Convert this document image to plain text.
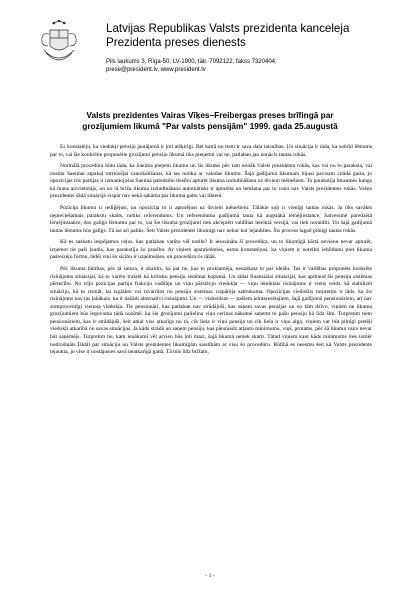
Latvijas Republikas Valsts prezidenta kanceleja
Prezidenta preses dienests
Pils laukums 3, Rīga-50, LV-1900, tālr. 7092122, fakss 7320404,
prese@president.lv, www.president.lv
Valsts prezidentes Vairas Vīķes–Freibergas preses brīfingā par
grozījumiem likumā "Par valsts pensijām" 1999. gada 25.augustā

Es konstatēju, ka viedokļi pensiju jautājumā ir ļoti atšķirīgi. Bet katrā no tiem ir sava daļa taisnības. Un situācija ir tāda, ka sobrīd lēmums par to, vai šie konkrētie proponētie grozījumi pensiju likumā tiks pieņemti vai ne, patlaban jau nonācis tautas rokās.

Normālā procedūra būtu tāda, ka Saeima pieņem likumu un šis likums pēc tam nonāk Valsts prezidenta rokās, kas vai nu to paraksta, vai nosūta Saeimai atpakaļ otrreizējai caurskatīšanai, kā tas notika ar valodas likumu. Šajā gadījumā likumam bijusi pavisam citāda gaita, jo opozīcijas trīs partijas ir izmantojušas Saeimā paredzēto tiesību apturēt likuma izsludināšanu uz diviem mēnešiem. To parakstīja Straumes kungs kā mans aizvietotājs, un no tā brīža likuma izsludināšana automātiski ir apturēta un lemšana par to vairs nav Valsts prezidentes rokās. Valsts prezidentei šādā situācijā vispār nav nekā sakāma par likuma gaitu vai likteni.

Pozīcija likumu ir rediģējusi, un opozīcija to ir apturējusi uz diviem mēnešiem. Tālākie soļi ir vienīgi tautas rokās. Ja tiks savākts nepieciešamais parakstu skaits, notiks referendums. Un referenduma gadījumā tauta kā augstākā lēmējinstance, Satversmē paredzētā lēmējinstance, dos galīgo lēmumu par to, vai šie likuma grozījumi tiek akceptēti valdības ieteiktā versijā, vai tiek noraidīti. Un šajā gadījumā tautas lēmums būs galīgs. Tā tas arī paliks. Šeit Valsts prezidentei likumīgi nav nekur kur iejaukties. Šis process tagad pilnīgi tautas rokās.

Kā es saskatu iespējamos ceļus, kas patlaban varētu vēl notikt? Ir iesosināta šī procedūra, un to likumīgā kārtā nevienu nevar apturēt, izņemot tie paši ļaudis, kas parakstīja šo prasību. Ar viņiem apsnriedoties, esmu konstatējusi, ka viņiem ir noteikti iebildumi pret likuma pašreizējo formu, tādēļ viņi šo sīcību ir uzņēmušies, un procedūra ris tālāk.

Pēc likuma būtības, pēc tā satura, ir skaidrs, ka pat tie, kas to proklamēja, neuzskata to par ideālu. Tas ir valdības proponēts konkrēts risinājums situācijai, kā to varētu traktēt kā kritisku pensiju sistēmai kopumā. Un tādai finansiālai situācijai, kas apdraud šīs pensiju sistēmas pērtecību. No trīju pozīcijas partiju frakciju vadītāju un viņu pārstāvju viedokļa — viņu ieteiktais risinājums ir viens veids, kā stabilizēt situāciju, kā to risināt, lai izglābtu vai izvairītos no pensiju sistēmas vispārēja sabrukuma. Opozīcijas viedoklis turpretim ir tāds, ka šis risinājums nav tas labākais, ka ir dažādi alternatīvi risinājumi. Un — visbeidzot — pašiem ieinteresētajiem, šajā gadījumā pensionāriem, arī nav simtprocentīgi vienota viedokļa. Tie pensionāri, kas patlaban nav strādājuši, kas saņem savas pensijas un no tām dzīvo, viņiem ne likuma grozījumiem būs ieguvuma tādā nozīmē, ka šie grozījumi palielina viņu ceribas nākotnē saņemt to pašu pensiju kā līdz šim. Turpretim tiem pensionāriem, kas ir strādājuši, šeit atkal viss atkarīgs no tā, cik liela ir viņu pensija un cik liela ir viņu alga, viņiem var būt pilnīgi pretēji viedokļi atkarībā no savas situācijas. Ja kāds strādā un saņem pensiju, kas pārsniedz atļauto minimumu, viņš, protams, pēc šā likuma vairs nevar būt saņēmējs. Turpretim tie, kam ienākumi vēl arvien būs ļoti mazi, šajā likumā netiek skarti. Tātad viņiem kaut kāds minimums tiek tomēr nodrošināts.Tiktāl par situāciju un Valsts prezidentes likumīgām saistībām ar visu šo procedūru. Būtībā es neesmu šeit kā Valsts prezidente iejaukta, jo vise ir nostājusies savā neatkarīgā gaitā. Tā būs līdz brīžam,

- 1 -
